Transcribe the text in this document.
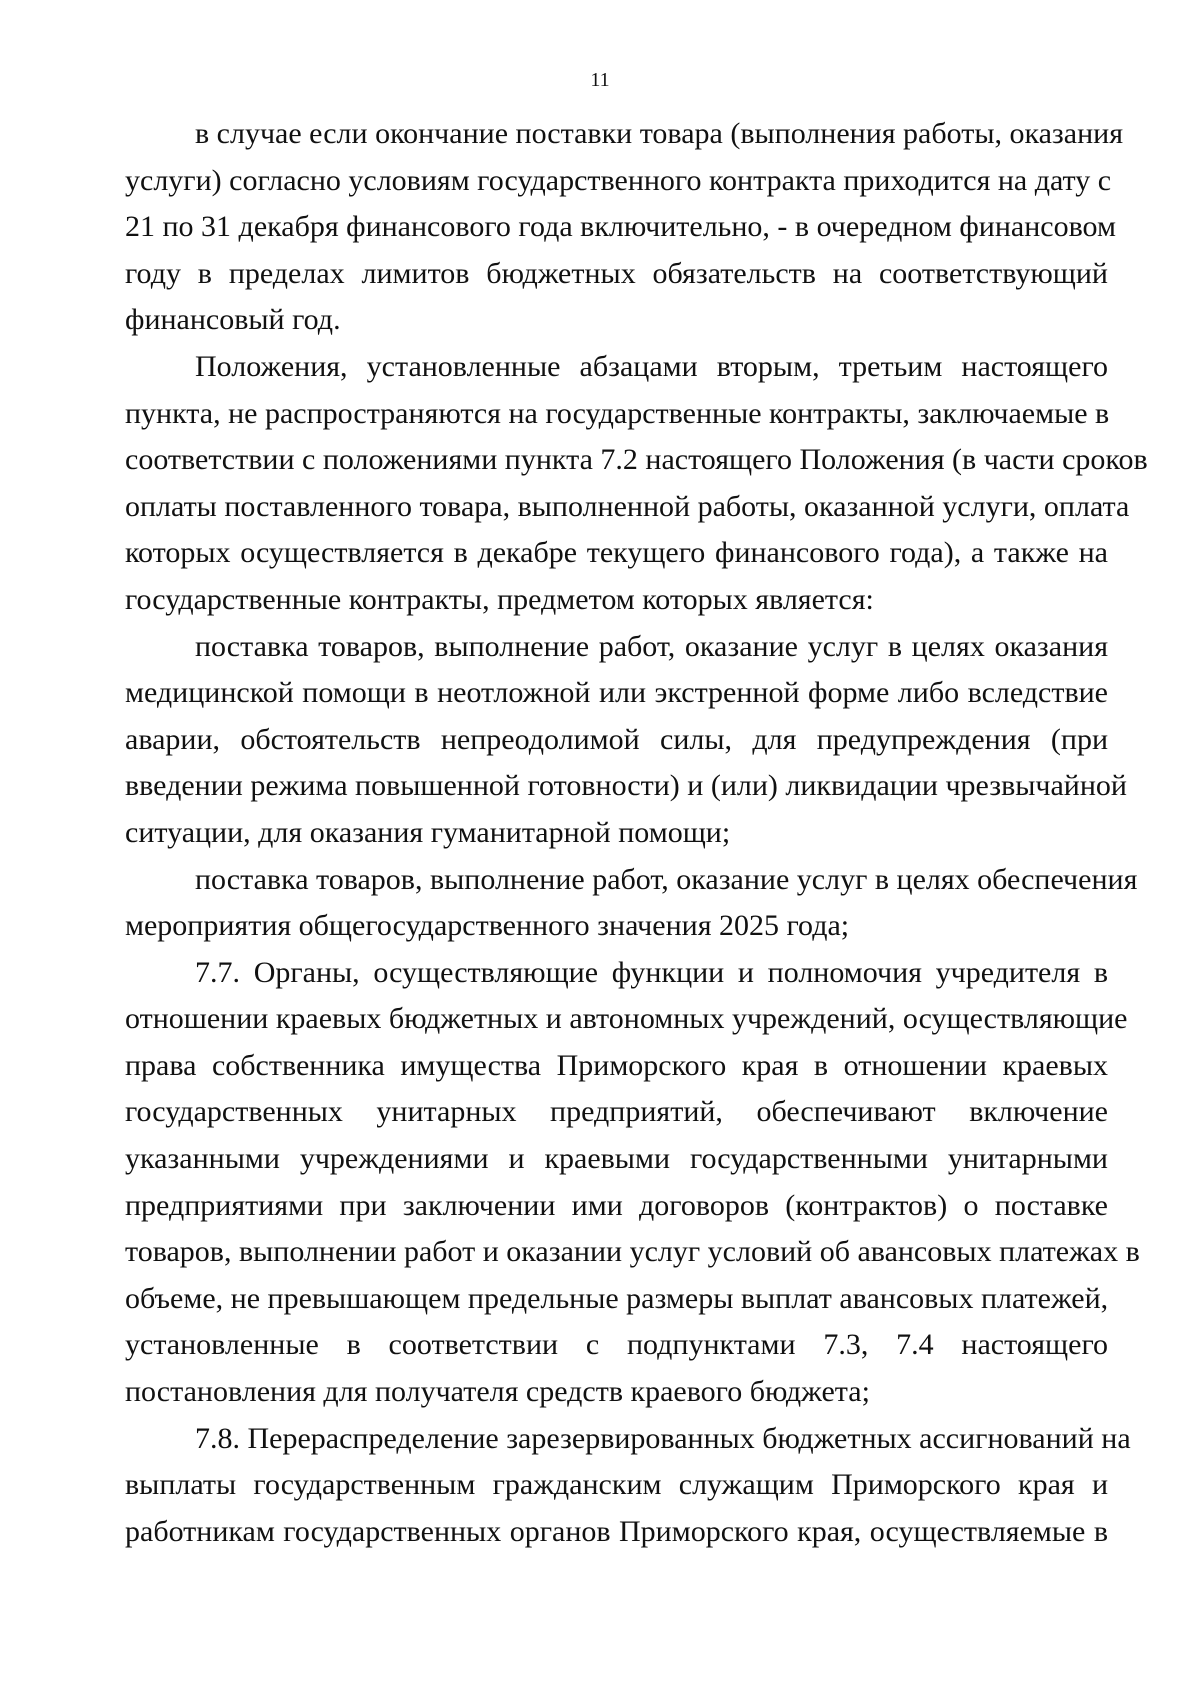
11
в случае если окончание поставки товара (выполнения работы, оказания
услуги) согласно условиям государственного контракта приходится на дату с
21 по 31 декабря финансового года включительно, - в очередном финансовом
году в пределах лимитов бюджетных обязательств на соответствующий
финансовый год.
Положения, установленные абзацами вторым, третьим настоящего
пункта, не распространяются на государственные контракты, заключаемые в
соответствии с положениями пункта 7.2 настоящего Положения (в части сроков
оплаты поставленного товара, выполненной работы, оказанной услуги, оплата
которых осуществляется в декабре текущего финансового года), а также на
государственные контракты, предметом которых является:
поставка товаров, выполнение работ, оказание услуг в целях оказания
медицинской помощи в неотложной или экстренной форме либо вследствие
аварии, обстоятельств непреодолимой силы, для предупреждения (при
введении режима повышенной готовности) и (или) ликвидации чрезвычайной
ситуации, для оказания гуманитарной помощи;
поставка товаров, выполнение работ, оказание услуг в целях обеспечения
мероприятия общегосударственного значения 2025 года;
7.7. Органы, осуществляющие функции и полномочия учредителя в
отношении краевых бюджетных и автономных учреждений, осуществляющие
права собственника имущества Приморского края в отношении краевых
государственных унитарных предприятий, обеспечивают включение
указанными учреждениями и краевыми государственными унитарными
предприятиями при заключении ими договоров (контрактов) о поставке
товаров, выполнении работ и оказании услуг условий об авансовых платежах в
объеме, не превышающем предельные размеры выплат авансовых платежей,
установленные в соответствии с подпунктами 7.3, 7.4 настоящего
постановления для получателя средств краевого бюджета;
7.8. Перераспределение зарезервированных бюджетных ассигнований на
выплаты государственным гражданским служащим Приморского края и
работникам государственных органов Приморского края, осуществляемые в
